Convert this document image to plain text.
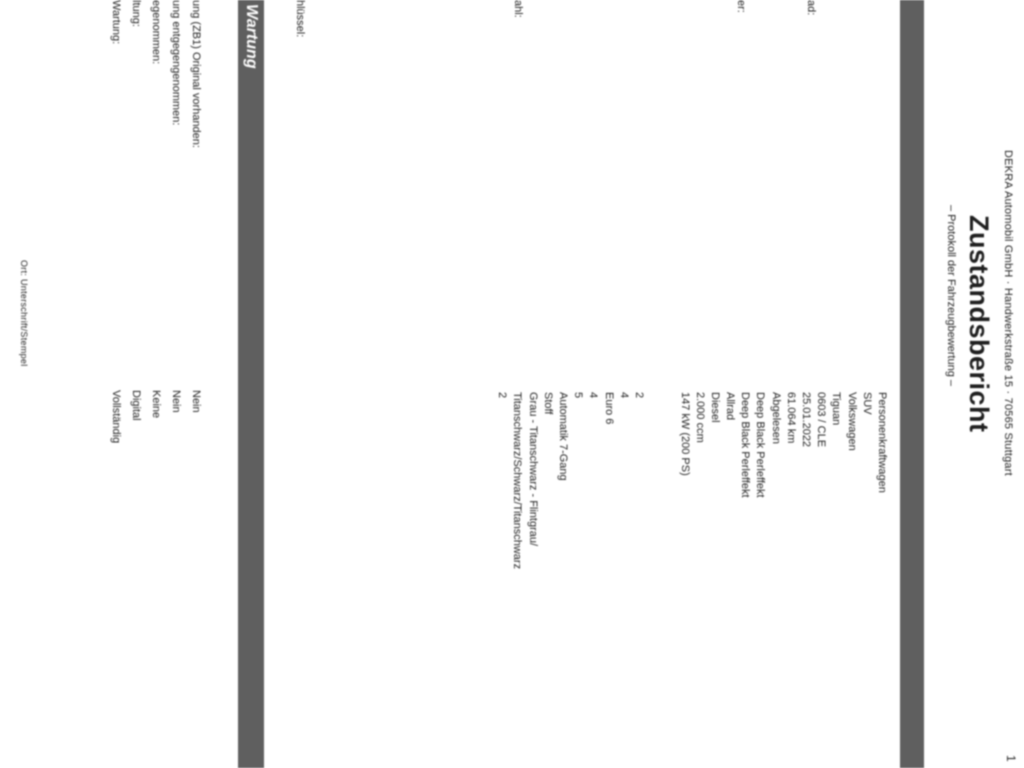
DEKRA Automobil GmbH · Handwerkstraße 15 · 70565 Stuttgart
Zustandsbericht
– Protokoll der Fahrzeugbewertung –
1
ad:
er:
ahl:
hlüssel:
Personenkraftwagen
SUV
Volkswagen
Tiguan
0603 / CLE
25.01.2022
61.064 km
Abgelesen
Deep Black Perleffekt
Deep Black Perleffekt
Allrad
Diesel
2.000 ccm
147 kW (200 PS)
2
4
Euro 6
4
5
Automatik 7-Gang
Stoff
Grau - Titanschwarz - Flintgrau/
Titanschwarz/Schwarz/Titanschwarz
2
Wartung
ung (ZB1) Original vorhanden:
ung entgegengenommen:
egenommen:
ltung:
Wartung:
Nein
Nein
Keine
Digital
Vollständig
Ort: Unterschrift/Stempel
